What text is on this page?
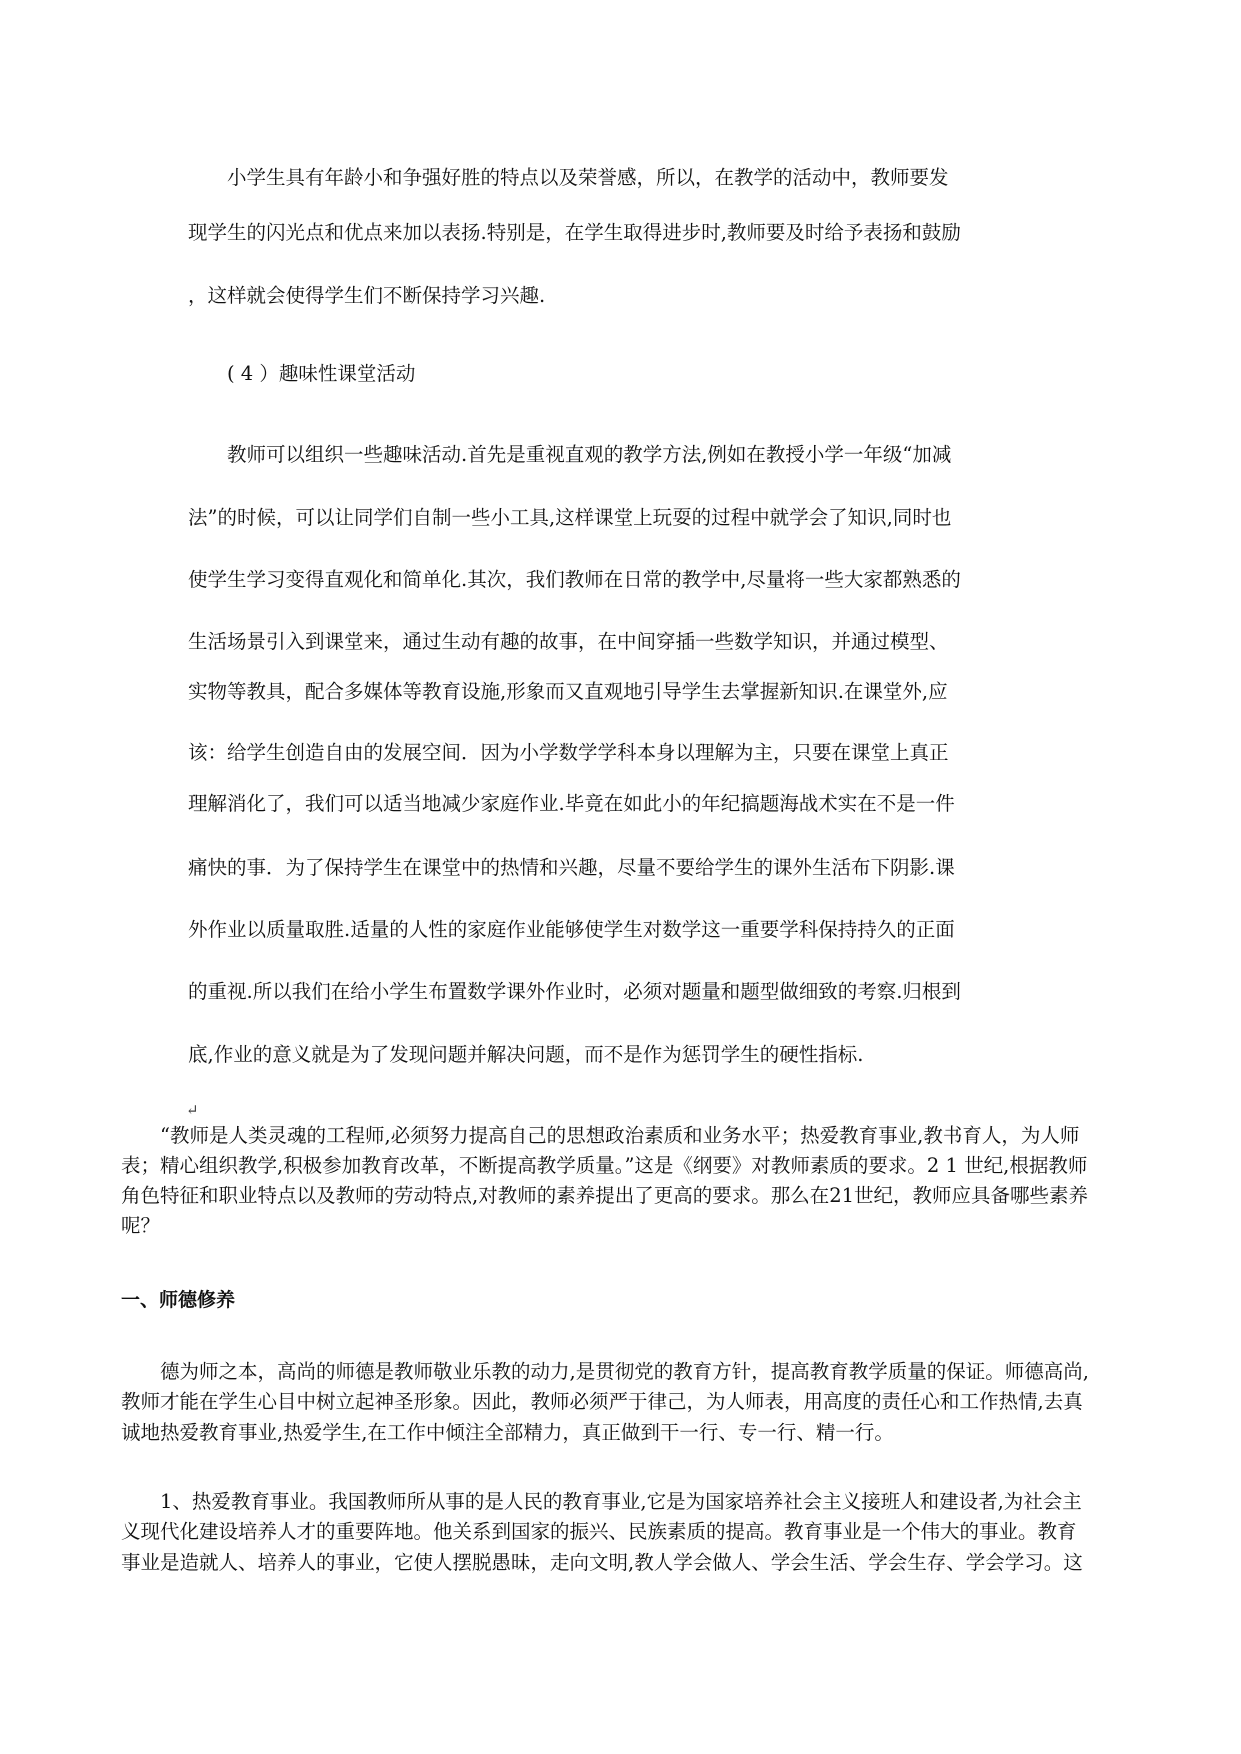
　　小学生具有年龄小和争强好胜的特点以及荣誉感，所以，在教学的活动中，教师要发
现学生的闪光点和优点来加以表扬.特别是，在学生取得进步时,教师要及时给予表扬和鼓励
，这样就会使得学生们不断保持学习兴趣.
　　( 4 ）趣味性课堂活动
　　教师可以组织一些趣味活动.首先是重视直观的教学方法,例如在教授小学一年级“加减
法”的时候，可以让同学们自制一些小工具,这样课堂上玩耍的过程中就学会了知识,同时也
使学生学习变得直观化和简单化.其次，我们教师在日常的教学中,尽量将一些大家都熟悉的
生活场景引入到课堂来，通过生动有趣的故事，在中间穿插一些数学知识，并通过模型、
实物等教具，配合多媒体等教育设施,形象而又直观地引导学生去掌握新知识.在课堂外,应
该：给学生创造自由的发展空间．因为小学数学学科本身以理解为主，只要在课堂上真正
理解消化了，我们可以适当地减少家庭作业.毕竟在如此小的年纪搞题海战术实在不是一件
痛快的事．为了保持学生在课堂中的热情和兴趣，尽量不要给学生的课外生活布下阴影.课
外作业以质量取胜.适量的人性的家庭作业能够使学生对数学这一重要学科保持持久的正面
的重视.所以我们在给小学生布置数学课外作业时，必须对题量和题型做细致的考察.归根到
底,作业的意义就是为了发现问题并解决问题，而不是作为惩罚学生的硬性指标.
↵
　　“教师是人类灵魂的工程师,必须努力提高自己的思想政治素质和业务水平；热爱教育事业,教书育人，为人师
表；精心组织教学,积极参加教育改革，不断提高教学质量。”这是《纲要》对教师素质的要求。2 1 世纪,根据教师
角色特征和职业特点以及教师的劳动特点,对教师的素养提出了更高的要求。那么在21世纪，教师应具备哪些素养
呢？
一、师德修养
　　德为师之本，高尚的师德是教师敬业乐教的动力,是贯彻党的教育方针，提高教育教学质量的保证。师德高尚,
教师才能在学生心目中树立起神圣形象。因此，教师必须严于律己，为人师表，用高度的责任心和工作热情,去真
诚地热爱教育事业,热爱学生,在工作中倾注全部精力，真正做到干一行、专一行、精一行。
　　1、热爱教育事业。我国教师所从事的是人民的教育事业,它是为国家培养社会主义接班人和建设者,为社会主
义现代化建设培养人才的重要阵地。他关系到国家的振兴、民族素质的提高。教育事业是一个伟大的事业。教育
事业是造就人、培养人的事业，它使人摆脱愚昧，走向文明,教人学会做人、学会生活、学会生存、学会学习。这
